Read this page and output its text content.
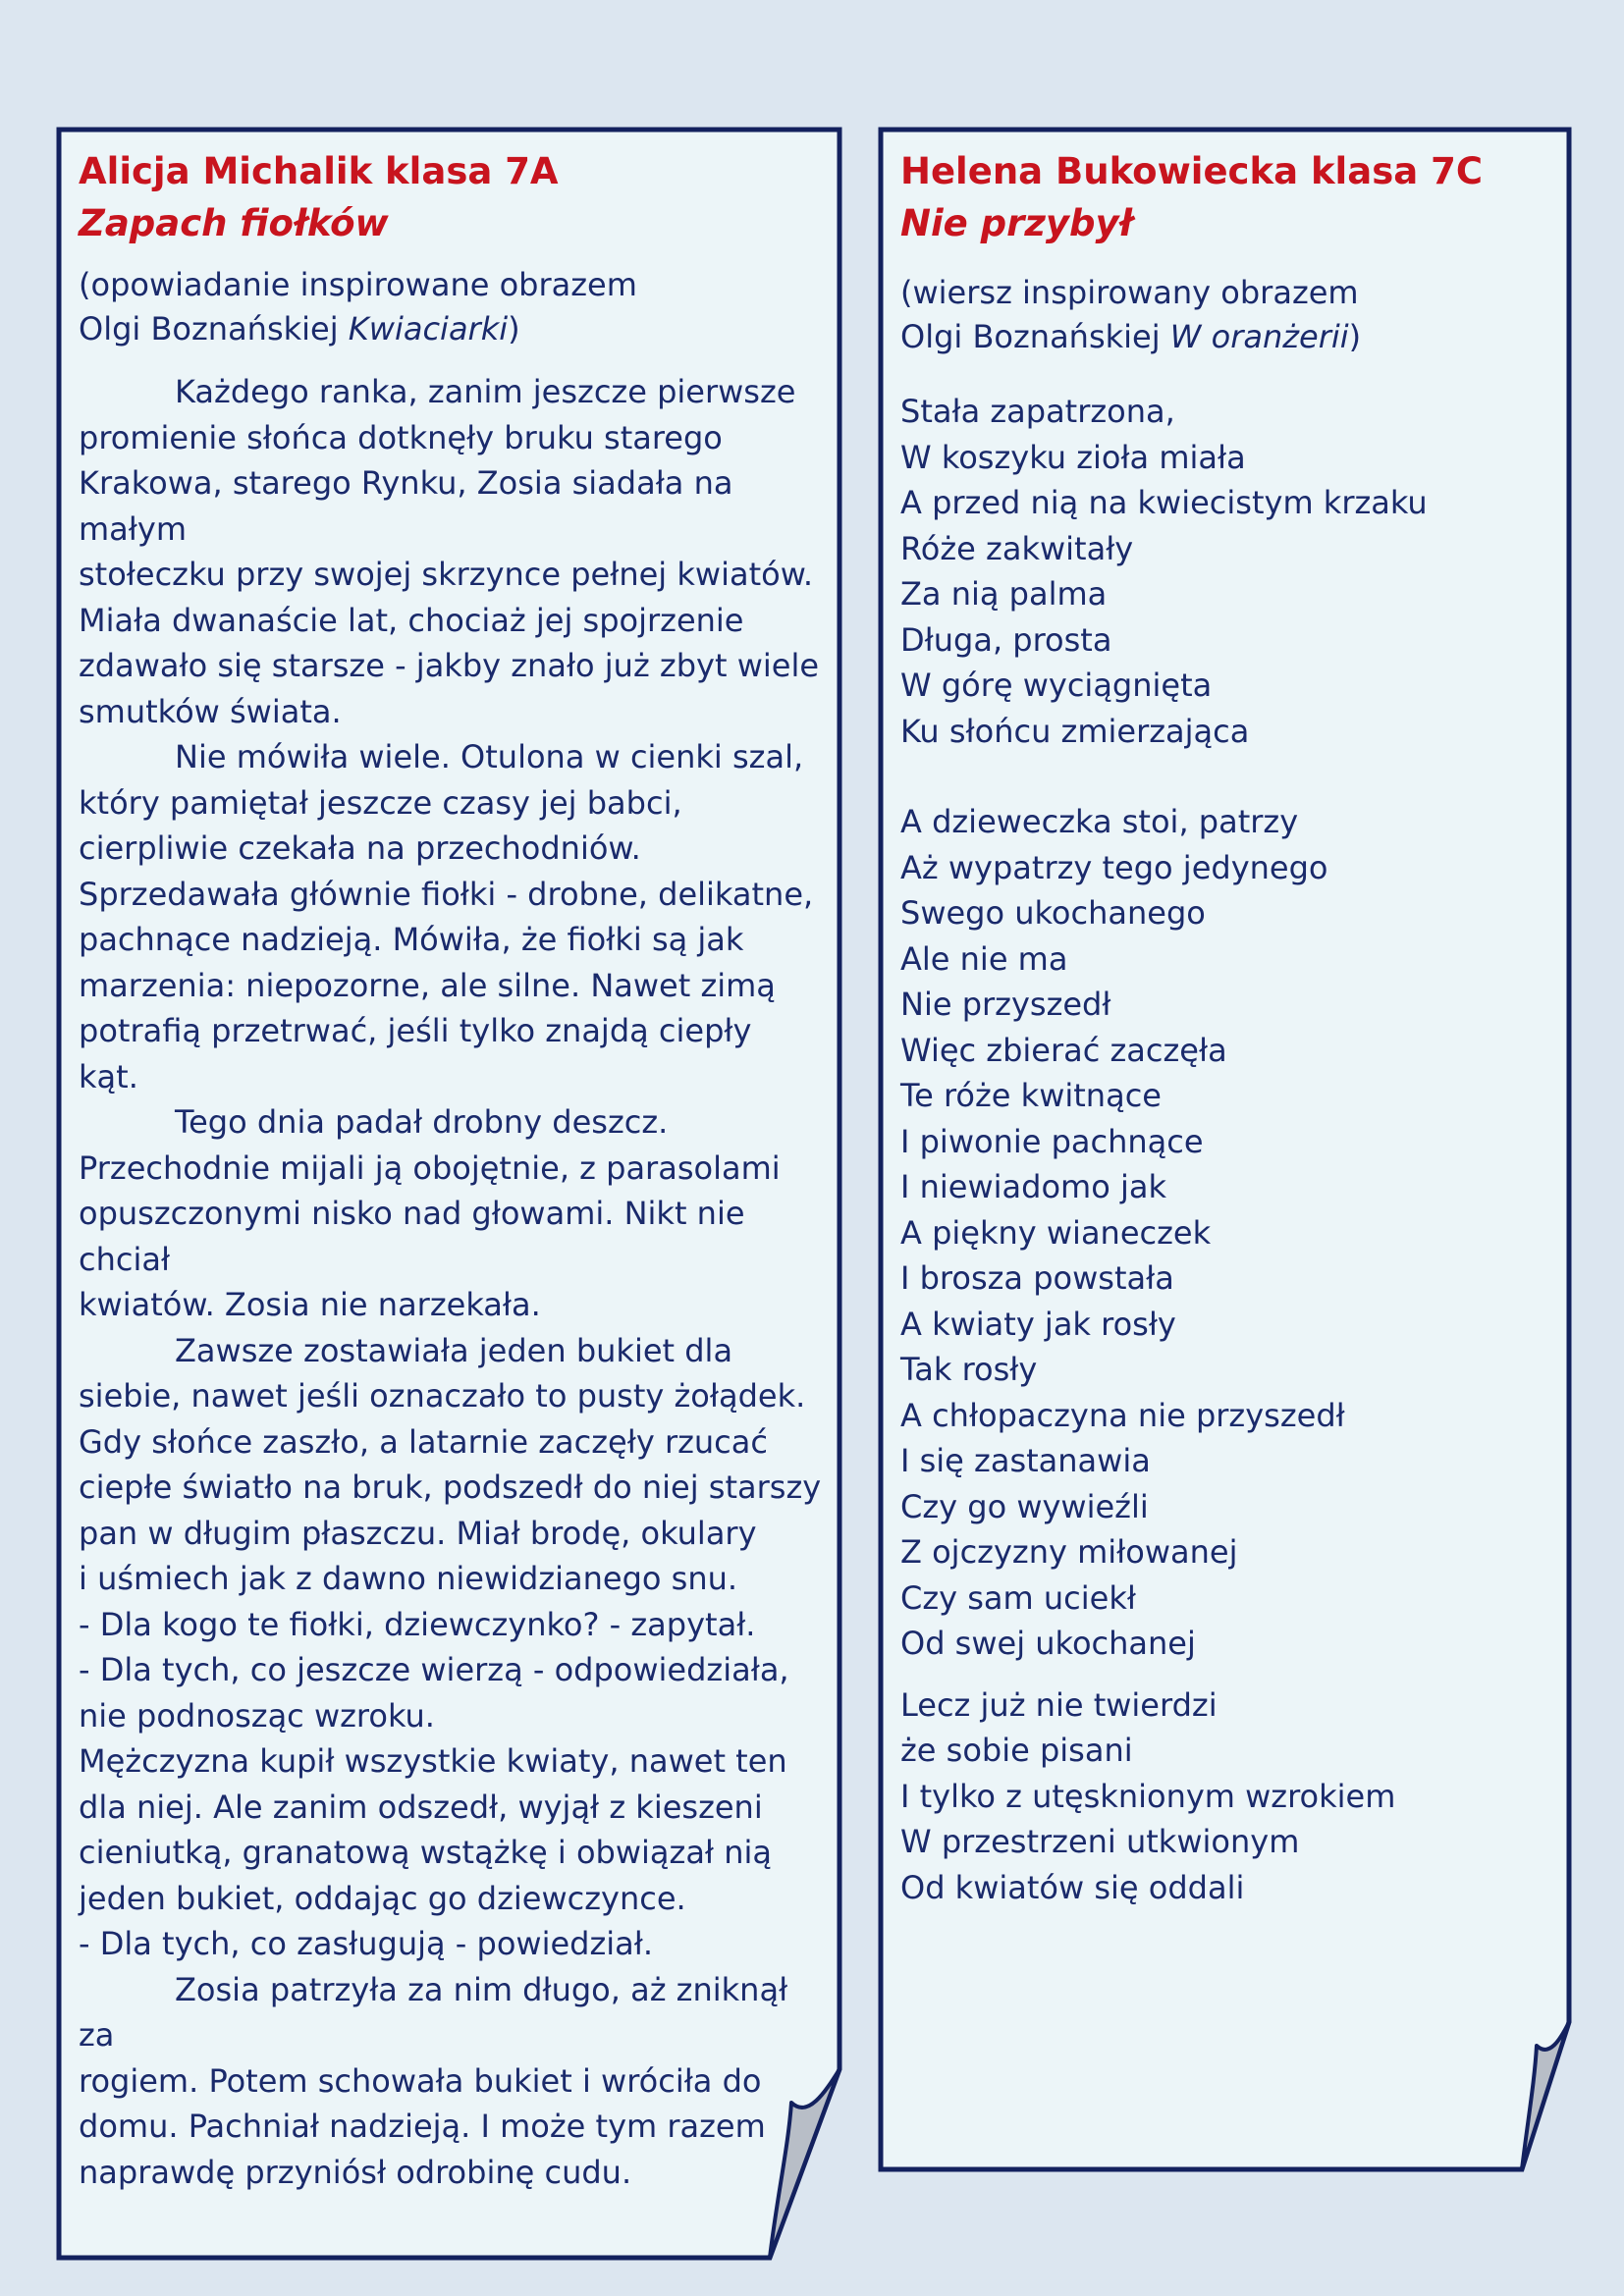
Alicja Michalik klasa 7A
Zapach fiołków
(opowiadanie inspirowane obrazem
Olgi Boznańskiej Kwiaciarki)

Każdego ranka, zanim jeszcze pierwsze
promienie słońca dotknęły bruku starego
Krakowa, starego Rynku, Zosia siadała na małym
stołeczku przy swojej skrzynce pełnej kwiatów.
Miała dwanaście lat, chociaż jej spojrzenie
zdawało się starsze - jakby znało już zbyt wiele
smutków świata.

Nie mówiła wiele. Otulona w cienki szal,
który pamiętał jeszcze czasy jej babci,
cierpliwie czekała na przechodniów.
Sprzedawała głównie fiołki - drobne, delikatne,
pachnące nadzieją. Mówiła, że fiołki są jak
marzenia: niepozorne, ale silne. Nawet zimą
potrafią przetrwać, jeśli tylko znajdą ciepły
kąt.

Tego dnia padał drobny deszcz.
Przechodnie mijali ją obojętnie, z parasolami
opuszczonymi nisko nad głowami. Nikt nie chciał
kwiatów. Zosia nie narzekała.

Zawsze zostawiała jeden bukiet dla
siebie, nawet jeśli oznaczało to pusty żołądek.
Gdy słońce zaszło, a latarnie zaczęły rzucać
ciepłe światło na bruk, podszedł do niej starszy
pan w długim płaszczu. Miał brodę, okulary
i uśmiech jak z dawno niewidzianego snu.

- Dla kogo te fiołki, dziewczynko? - zapytał.

- Dla tych, co jeszcze wierzą - odpowiedziała,
nie podnosząc wzroku.

Mężczyzna kupił wszystkie kwiaty, nawet ten
dla niej. Ale zanim odszedł, wyjął z kieszeni
cieniutką, granatową wstążkę i obwiązał nią
jeden bukiet, oddając go dziewczynce.

- Dla tych, co zasługują - powiedział.

Zosia patrzyła za nim długo, aż zniknął za
rogiem. Potem schowała bukiet i wróciła do
domu. Pachniał nadzieją. I może tym razem
naprawdę przyniósł odrobinę cudu.

Helena Bukowiecka klasa 7C
Nie przybył
(wiersz inspirowany obrazem
Olgi Boznańskiej W oranżerii)
Stała zapatrzona,
W koszyku zioła miała
A przed nią na kwiecistym krzaku
Róże zakwitały
Za nią palma
Długa, prosta
W górę wyciągnięta
Ku słońcu zmierzająca
A dzieweczka stoi, patrzy
Aż wypatrzy tego jedynego
Swego ukochanego
Ale nie ma
Nie przyszedł
Więc zbierać zaczęła
Te róże kwitnące
I piwonie pachnące
I niewiadomo jak
A piękny wianeczek
I brosza powstała
A kwiaty jak rosły
Tak rosły
A chłopaczyna nie przyszedł
I się zastanawia
Czy go wywieźli
Z ojczyzny miłowanej
Czy sam uciekł
Od swej ukochanej
Lecz już nie twierdzi
że sobie pisani
I tylko z utęsknionym wzrokiem
W przestrzeni utkwionym
Od kwiatów się oddali
